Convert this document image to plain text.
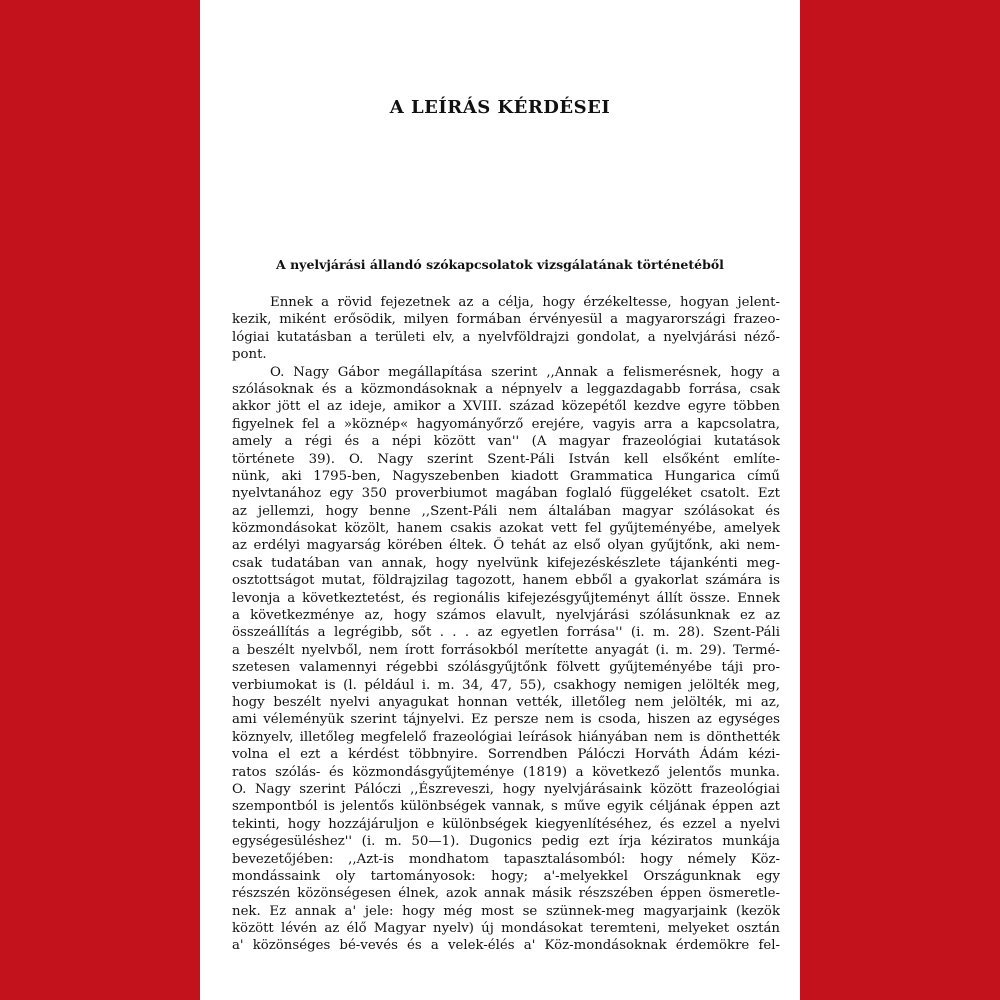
A LEÍRÁS KÉRDÉSEI
A nyelvjárási állandó szókapcsolatok vizsgálatának történetéből
Ennek a rövid fejezetnek az a célja, hogy érzékeltesse, hogyan jelent-
kezik, miként erősödik, milyen formában érvényesül a magyarországi frazeo-
lógiai kutatásban a területi elv, a nyelvföldrajzi gondolat, a nyelvjárási néző-
pont.
O. Nagy Gábor megállapítása szerint ,,Annak a felismerésnek, hogy a
szólásoknak és a közmondásoknak a népnyelv a leggazdagabb forrása, csak
akkor jött el az ideje, amikor a XVIII. század közepétől kezdve egyre többen
figyelnek fel a »köznép« hagyományőrző erejére, vagyis arra a kapcsolatra,
amely a régi és a népi között van'' (A magyar frazeológiai kutatások
története 39). O. Nagy szerint Szent-Páli István kell elsőként említe-
nünk, aki 1795-ben, Nagyszebenben kiadott Grammatica Hungarica című
nyelvtanához egy 350 proverbiumot magában foglaló függeléket csatolt. Ezt
az jellemzi, hogy benne ,,Szent-Páli nem általában magyar szólásokat és
közmondásokat közölt, hanem csakis azokat vett fel gyűjteményébe, amelyek
az erdélyi magyarság körében éltek. Ő tehát az első olyan gyűjtőnk, aki nem-
csak tudatában van annak, hogy nyelvünk kifejezéskészlete tájankénti meg-
osztottságot mutat, földrajzilag tagozott, hanem ebből a gyakorlat számára is
levonja a következtetést, és regionális kifejezésgyűjteményt állít össze. Ennek
a következménye az, hogy számos elavult, nyelvjárási szólásunknak ez az
összeállítás a legrégibb, sőt . . . az egyetlen forrása'' (i. m. 28). Szent-Páli
a beszélt nyelvből, nem írott forrásokból merítette anyagát (i. m. 29). Termé-
szetesen valamennyi régebbi szólásgyűjtőnk fölvett gyűjteményébe táji pro-
verbiumokat is (l. például i. m. 34, 47, 55), csakhogy nemigen jelölték meg,
hogy beszélt nyelvi anyagukat honnan vették, illetőleg nem jelölték, mi az,
ami véleményük szerint tájnyelvi. Ez persze nem is csoda, hiszen az egységes
köznyelv, illetőleg megfelelő frazeológiai leírások hiányában nem is dönthették
volna el ezt a kérdést többnyire. Sorrendben Pálóczi Horváth Ádám kézi-
ratos szólás- és közmondásgyűjteménye (1819) a következő jelentős munka.
O. Nagy szerint Pálóczi ,,Észreveszi, hogy nyelvjárásaink között frazeológiai
szempontból is jelentős különbségek vannak, s műve egyik céljának éppen azt
tekinti, hogy hozzájáruljon e különbségek kiegyenlítéséhez, és ezzel a nyelvi
egységesüléshez'' (i. m. 50—1). Dugonics pedig ezt írja kéziratos munkája
bevezetőjében: ,,Azt-is mondhatom tapasztalásomból: hogy némely Köz-
mondássaink oly tartományosok: hogy; a'-melyekkel Országunknak egy
részszén közönségesen élnek, azok annak másik részszében éppen ösmeretle-
nek. Ez annak a' jele: hogy még most se szünnek-meg magyarjaink (kezök
között lévén az élő Magyar nyelv) új mondásokat teremteni, melyeket osztán
a' közönséges bé-vevés és a velek-élés a' Köz-mondásoknak érdemökre fel-
